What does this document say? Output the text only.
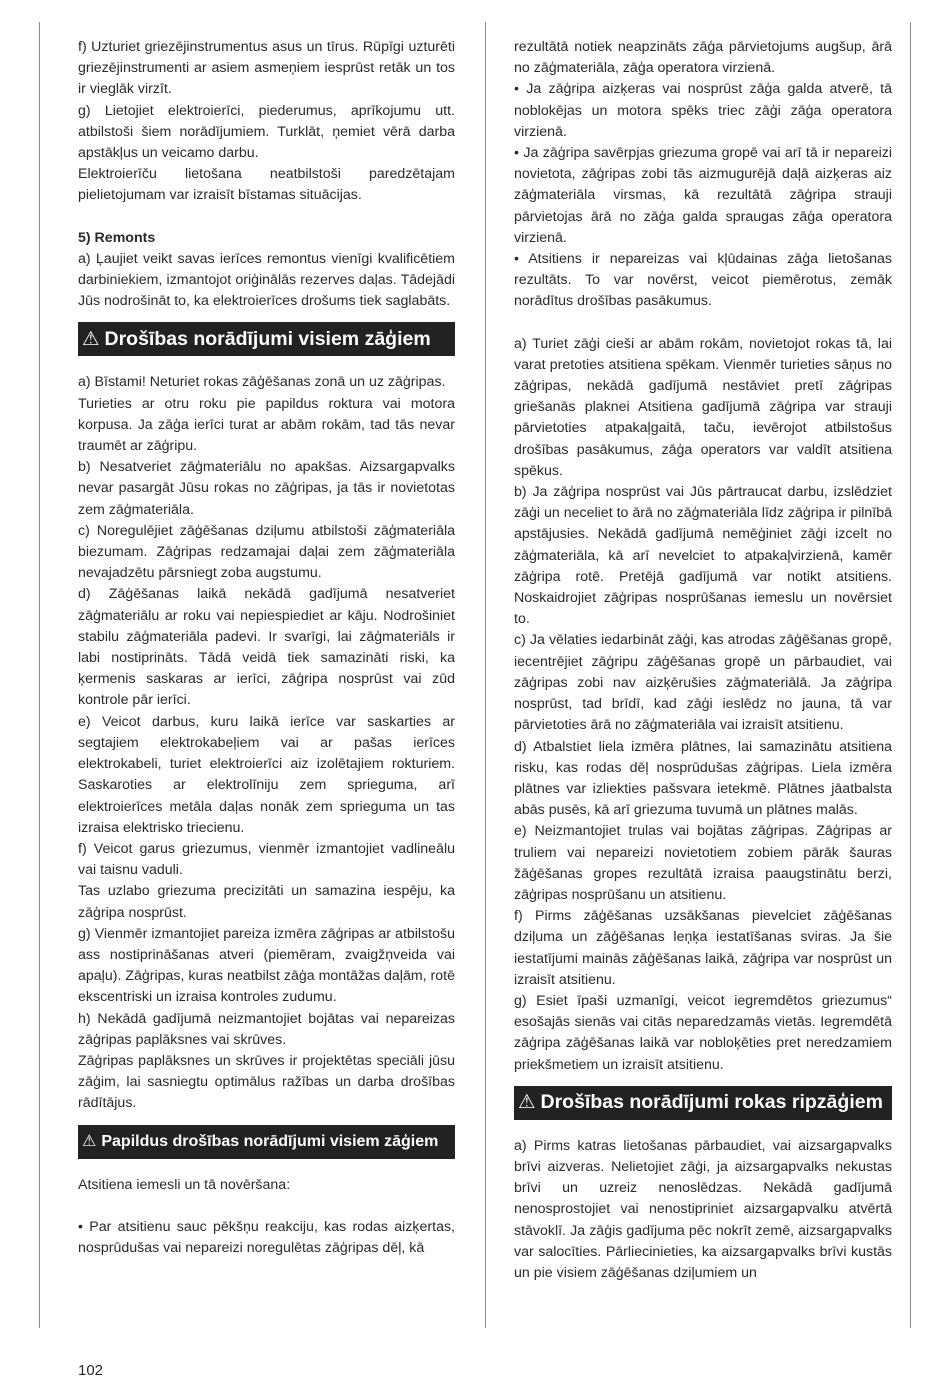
f) Uzturiet griezējinstrumentus asus un tīrus. Rūpīgi uzturēti griezējinstrumenti ar asiem asmeņiem iesprūst retāk un tos ir vieglāk virzīt.

g) Lietojiet elektroierīci, piederumus, aprīkojumu utt. atbilstoši šiem norādījumiem. Turklāt, ņemiet vērā darba apstākļus un veicamo darbu.

Elektroierīču lietošana neatbilstoši paredzētajam pielietojumam var izraisīt bīstamas situācijas.

5) Remonts

a) Ļaujiet veikt savas ierīces remontus vienīgi kvalificētiem darbiniekiem, izmantojot oriģinālās rezerves daļas. Tādejādi Jūs nodrošināt to, ka elektroierīces drošums tiek saglabāts.

⚠ Drošības norādījumi visiem zāģiem

a) Bīstami! Neturiet rokas zāģēšanas zonā un uz zāģripas.

Turieties ar otru roku pie papildus roktura vai motora korpusa. Ja zāģa ierīci turat ar abām rokām, tad tās nevar traumēt ar zāģripu.

b) Nesatveriet zāģmateriālu no apakšas. Aizsargapvalks nevar pasargāt Jūsu rokas no zāģripas, ja tās ir novietotas zem zāģmateriāla.

c) Noregulējiet zāģēšanas dziļumu atbilstoši zāģmateriāla biezumam. Zāģripas redzamajai daļai zem zāģmateriāla nevajadzētu pārsniegt zoba augstumu.

d) Zāģēšanas laikā nekādā gadījumā nesatveriet zāģmateriālu ar roku vai nepiespiediet ar kāju. Nodrošiniet stabilu zāģmateriāla padevi. Ir svarīgi, lai zāģmateriāls ir labi nostiprināts. Tādā veidā tiek samazināti riski, ka ķermenis saskaras ar ierīci, zāģripa nosprūst vai zūd kontrole pār ierīci.

e) Veicot darbus, kuru laikā ierīce var saskarties ar segtajiem elektrokabeļiem vai ar pašas ierīces elektrokabeli, turiet elektroierīci aiz izolētajiem rokturiem. Saskaroties ar elektrolīniju zem sprieguma, arī elektroierīces metāla daļas nonāk zem sprieguma un tas izraisa elektrisko triecienu.

f) Veicot garus griezumus, vienmēr izmantojiet vadlineālu vai taisnu vaduli.

Tas uzlabo griezuma precizitāti un samazina iespēju, ka zāģripa nosprūst.

g) Vienmēr izmantojiet pareiza izmēra zāģripas ar atbilstošu ass nostiprināšanas atveri (piemēram, zvaigžņveida vai apaļu). Zāģripas, kuras neatbilst zāģa montāžas daļām, rotē ekscentriski un izraisa kontroles zudumu.

h) Nekādā gadījumā neizmantojiet bojātas vai nepareizas zāģripas paplāksnes vai skrūves.

Zāģripas paplāksnes un skrūves ir projektētas speciāli jūsu zāģim, lai sasniegtu optimālus ražības un darba drošības rādītājus.

⚠ Papildus drošības norādījumi visiem zāģiem

Atsitiena iemesli un tā novēršana:

• Par atsitienu sauc pēkšņu reakciju, kas rodas aizķertas, nosprūdušas vai nepareizi noregulētas zāģripas dēļ, kā

rezultātā notiek neapzināts zāģa pārvietojums augšup, ārā no zāģmateriāla, zāģa operatora virzienā.

• Ja zāģripa aizķeras vai nosprūst zāģa galda atverē, tā noblokējas un motora spēks triec zāģi zāģa operatora virzienā.

• Ja zāģripa savērpjas griezuma gropē vai arī tā ir nepareizi novietota, zāģripas zobi tās aizmugurējā daļā aizķeras aiz zāģmateriāla virsmas, kā rezultātā zāģripa strauji pārvietojas ārā no zāģa galda spraugas zāģa operatora virzienā.

• Atsitiens ir nepareizas vai kļūdainas zāģa lietošanas rezultāts. To var novērst, veicot piemērotus, zemāk norādītus drošības pasākumus.

a) Turiet zāģi cieši ar abām rokām, novietojot rokas tā, lai varat pretoties atsitiena spēkam. Vienmēr turieties sāņus no zāģripas, nekādā gadījumā nestāviet pretī zāģripas griešanās plaknei Atsitiena gadījumā zāģripa var strauji pārvietoties atpakaļgaitā, taču, ievērojot atbilstošus drošības pasākumus, zāģa operators var valdīt atsitiena spēkus.

b) Ja zāģripa nosprūst vai Jūs pārtraucat darbu, izslēdziet zāģi un neceliet to ārā no zāģmateriāla līdz zāģripa ir pilnībā apstājusies. Nekādā gadījumā nemēģiniet zāģi izcelt no zāģmateriāla, kā arī nevelciet to atpakaļvirzienā, kamēr zāģripa rotē. Pretējā gadījumā var notikt atsitiens. Noskaidrojiet zāģripas nosprūšanas iemeslu un novērsiet to.

c) Ja vēlaties iedarbināt zāģi, kas atrodas zāģēšanas gropē, iecentrējiet zāģripu zāģēšanas gropē un pārbaudiet, vai zāģripas zobi nav aizķērušies zāģmateriālā. Ja zāģripa nosprūst, tad brīdī, kad zāģi ieslēdz no jauna, tā var pārvietoties ārā no zāģmateriāla vai izraisīt atsitienu.

d) Atbalstiet liela izmēra plātnes, lai samazinātu atsitiena risku, kas rodas dēļ nosprūdušas zāģripas. Liela izmēra plātnes var izliekties pašsvara ietekmē. Plātnes jāatbalsta abās pusēs, kā arī griezuma tuvumā un plātnes malās.

e) Neizmantojiet trulas vai bojātas zāģripas. Zāģripas ar truliem vai nepareizi novietotiem zobiem pārāk šauras žāģēšanas gropes rezultātā izraisa paaugstinātu berzi, zāģripas nosprūšanu un atsitienu.

f) Pirms zāģēšanas uzsākšanas pievelciet zāģēšanas dziļuma un zāģēšanas leņķa iestatīšanas sviras. Ja šie iestatījumi mainās zāģēšanas laikā, zāģripa var nosprūst un izraisīt atsitienu.

g) Esiet īpaši uzmanīgi, veicot iegremdētos griezumus“ esošajās sienās vai citās neparedzamās vietās. Iegremdētā zāģripa zāģēšanas laikā var nobloķēties pret neredzamiem priekšmetiem un izraisīt atsitienu.

⚠ Drošības norādījumi rokas ripzāģiem

a) Pirms katras lietošanas pārbaudiet, vai aizsargapvalks brīvi aizveras. Nelietojiet zāģi, ja aizsargapvalks nekustas brīvi un uzreiz nenoslēdzas. Nekādā gadījumā nenosprostojiet vai nenostipriniet aizsargapvalku atvērtā stāvoklī. Ja zāģis gadījuma pēc nokrīt zemē, aizsargapvalks var salocīties. Pārliecinieties, ka aizsargapvalks brīvi kustās un pie visiem zāģēšanas dziļumiem un

102
